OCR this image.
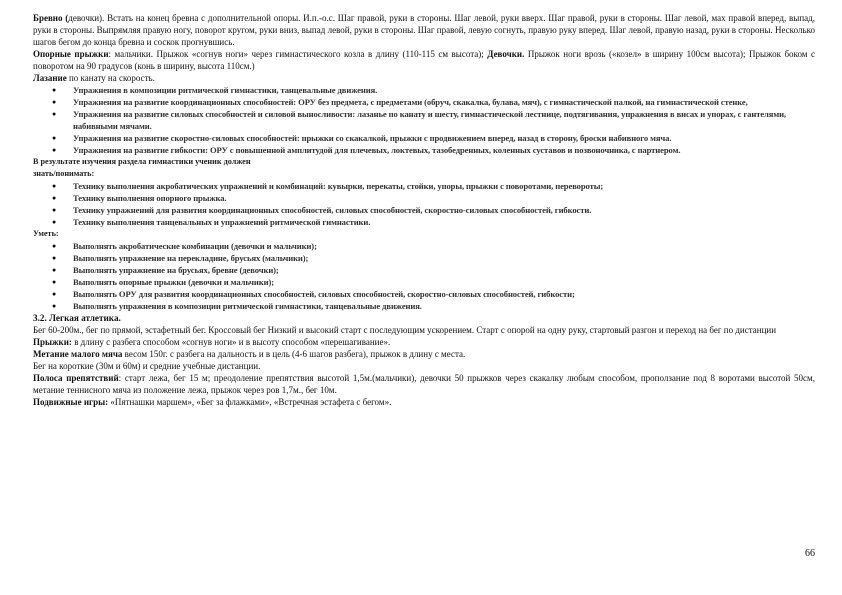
Бревно (девочки). Встать на конец бревна с дополнительной опоры. И.п.-о.с. Шаг правой, руки в стороны. Шаг левой, руки вверх. Шаг правой, руки в стороны. Шаг левой, мах правой вперед, выпад, руки в стороны. Выпрямляя правую ногу, поворот кругом, руки вниз, выпад левой, руки в стороны. Шаг правой, левую согнуть, правую руку вперед. Шаг левой, правую назад, руки в стороны. Несколько шагов бегом до конца бревна и соскок прогнувшись.

Опорные прыжки: мальчики. Прыжок «согнув ноги» через гимнастического козла в длину (110-115 см высота); Девочки. Прыжок ноги врозь («козел» в ширину 100см высота); Прыжок боком с поворотом на 90 градусов (конь в ширину, высота 110см.)

Лазание по канату на скорость.

● Упражнения в композиции ритмической гимнастики, танцевальные движения.
● Упражнения на развитие координационных способностей: ОРУ без предмета, с предметами (обруч, скакалка, булава, мяч), с гимнастической палкой, на гимнастической стенке,
● Упражнения на развитие силовых способностей и силовой выносливости: лазанье по канату и шесту, гимнастической лестнице, подтягивания, упражнения в висах и упорах, с гантелями, набивными мячами.
● Упражнения на развитие скоростно-силовых способностей: прыжки со скакалкой, прыжки с продвижением вперед, назад в сторону, броски набивного мяча.
● Упражнения на развитие гибкости: ОРУ с повышенной амплитудой для плечевых, локтевых, тазобедренных, коленных суставов и позвоночника, с партнером.
В результате изучения раздела гимнастики ученик должен
знать/понимать:
● Технику выполнения акробатических упражнений и комбинаций: кувырки, перекаты, стойки, упоры, прыжки с поворотами, перевороты;
● Технику выполнения опорного прыжка.
● Технику упражнений для развития координационных способностей, силовых способностей, скоростно-силовых способностей, гибкости.
● Технику выполнения танцевальных и упражнений ритмической гимнастики.
Уметь:
● Выполнять акробатические комбинации (девочки и мальчики);
● Выполнять упражнение на перекладине, брусьях (мальчики);
● Выполнять упражнение на брусьях, бревне (девочки);
● Выполнять опорные прыжки (девочки и мальчики);
● Выполнять ОРУ для развития координационных способностей, силовых способностей, скоростно-силовых способностей, гибкости;
● Выполнять упражнения в композиции ритмической гимнастики, танцевальные движения.
3.2. Легкая атлетика.

Бег 60-200м., бег по прямой, эстафетный бег. Кроссовый бег Низкий и высокий старт с последующим ускорением. Старт с опорой на одну руку, стартовый разгон и переход на бег по дистанции

Прыжки: в длину с разбега способом «согнув ноги» и в высоту способом «перешагивание».

Метание малого мяча весом 150г. с разбега на дальность и в цель (4-6 шагов разбега), прыжок в длину с места.

Бег на короткие (30м и 60м) и средние учебные дистанции.

Полоса препятствий: старт лежа, бег 15 м; преодоление препятствия высотой 1,5м.(мальчики), девочки 50 прыжков через скакалку любым способом, проползание под 8 воротами высотой 50см, метание теннисного мяча из положение лежа, прыжок через ров 1,7м., бег 10м.

Подвижные игры: «Пятнашки маршем», «Бег за флажками», «Встречная эстафета с бегом».

66
